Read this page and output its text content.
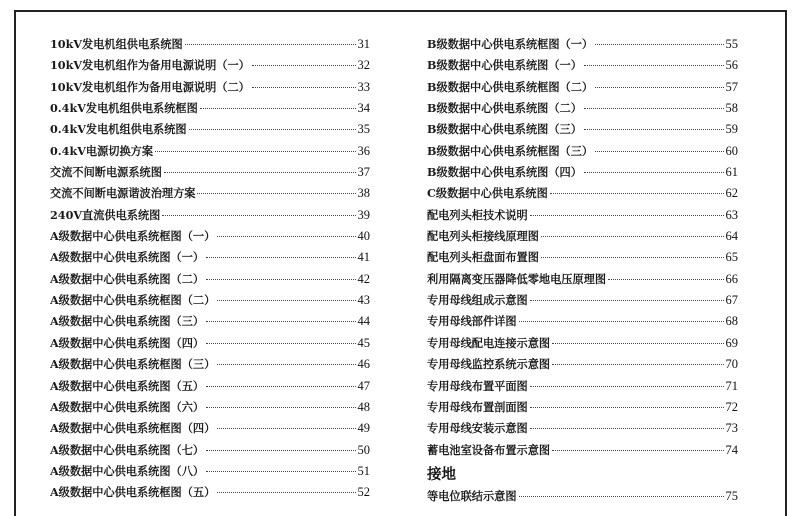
10kV发电机组供电系统图	31
10kV发电机组作为备用电源说明（一）	32
10kV发电机组作为备用电源说明（二）	33
0.4kV发电机组供电系统框图	34
0.4kV发电机组供电系统图	35
0.4kV电源切换方案	36
交流不间断电源系统图	37
交流不间断电源谐波治理方案	38
240V直流供电系统图	39
A级数据中心供电系统框图（一）	40
A级数据中心供电系统图（一）	41
A级数据中心供电系统图（二）	42
A级数据中心供电系统框图（二）	43
A级数据中心供电系统图（三）	44
A级数据中心供电系统图（四）	45
A级数据中心供电系统框图（三）	46
A级数据中心供电系统图（五）	47
A级数据中心供电系统图（六）	48
A级数据中心供电系统框图（四）	49
A级数据中心供电系统图（七）	50
A级数据中心供电系统图（八）	51
A级数据中心供电系统框图（五）	52
B级数据中心供电系统框图（一）	55
B级数据中心供电系统图（一）	56
B级数据中心供电系统框图（二）	57
B级数据中心供电系统图（二）	58
B级数据中心供电系统图（三）	59
B级数据中心供电系统框图（三）	60
B级数据中心供电系统图（四）	61
C级数据中心供电系统图	62
配电列头柜技术说明	63
配电列头柜接线原理图	64
配电列头柜盘面布置图	65
利用隔离变压器降低零地电压原理图	66
专用母线组成示意图	67
专用母线部件详图	68
专用母线配电连接示意图	69
专用母线监控系统示意图	70
专用母线布置平面图	71
专用母线布置剖面图	72
专用母线安装示意图	73
蓄电池室设备布置示意图	74
接地
等电位联结示意图	75
